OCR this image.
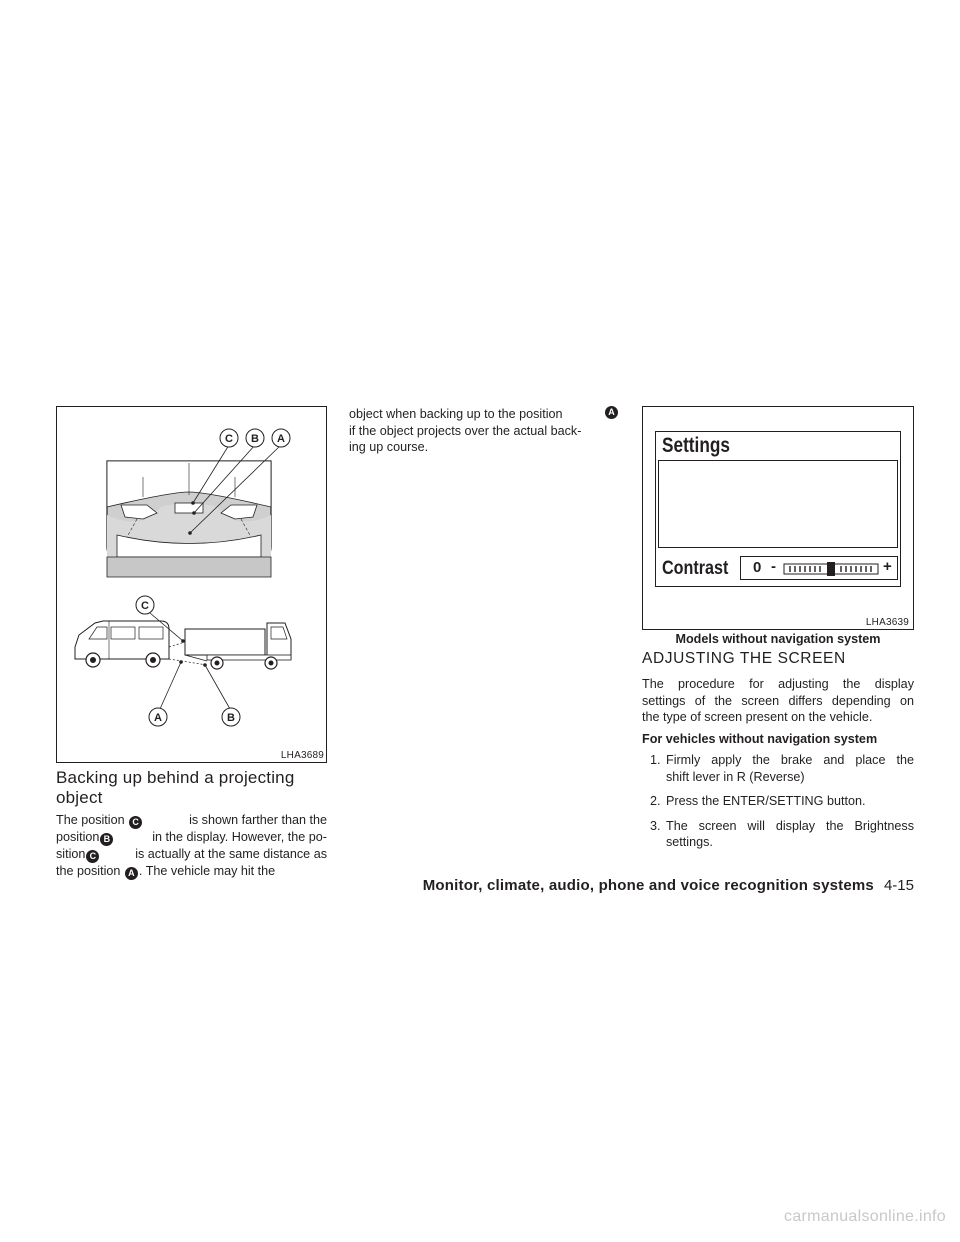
C B A
C
A	B
LHA3689
Backing up behind a projecting
object
The position C	is shown farther than the
position B	in the display. However, the po-
sition C	is actually at the same distance as
the position A . The vehicle may hit the
object when backing up to the position	A
if the object projects over the actual back-
ing up course.	Settings
Contrast 0 -	+
LHA3639
Models without navigation system
ADJUSTING THE SCREEN
The procedure for adjusting the display
settings of the screen differs depending on
the type of screen present on the vehicle.
For vehicles without navigation system
1. Firmly apply the brake and place the
shift lever in R (Reverse)
2. Press the ENTER/SETTING button.
3. The screen will display the Brightness
settings.
Monitor, climate, audio, phone and voice recognition systems 4-15
carmanualsonline.info
